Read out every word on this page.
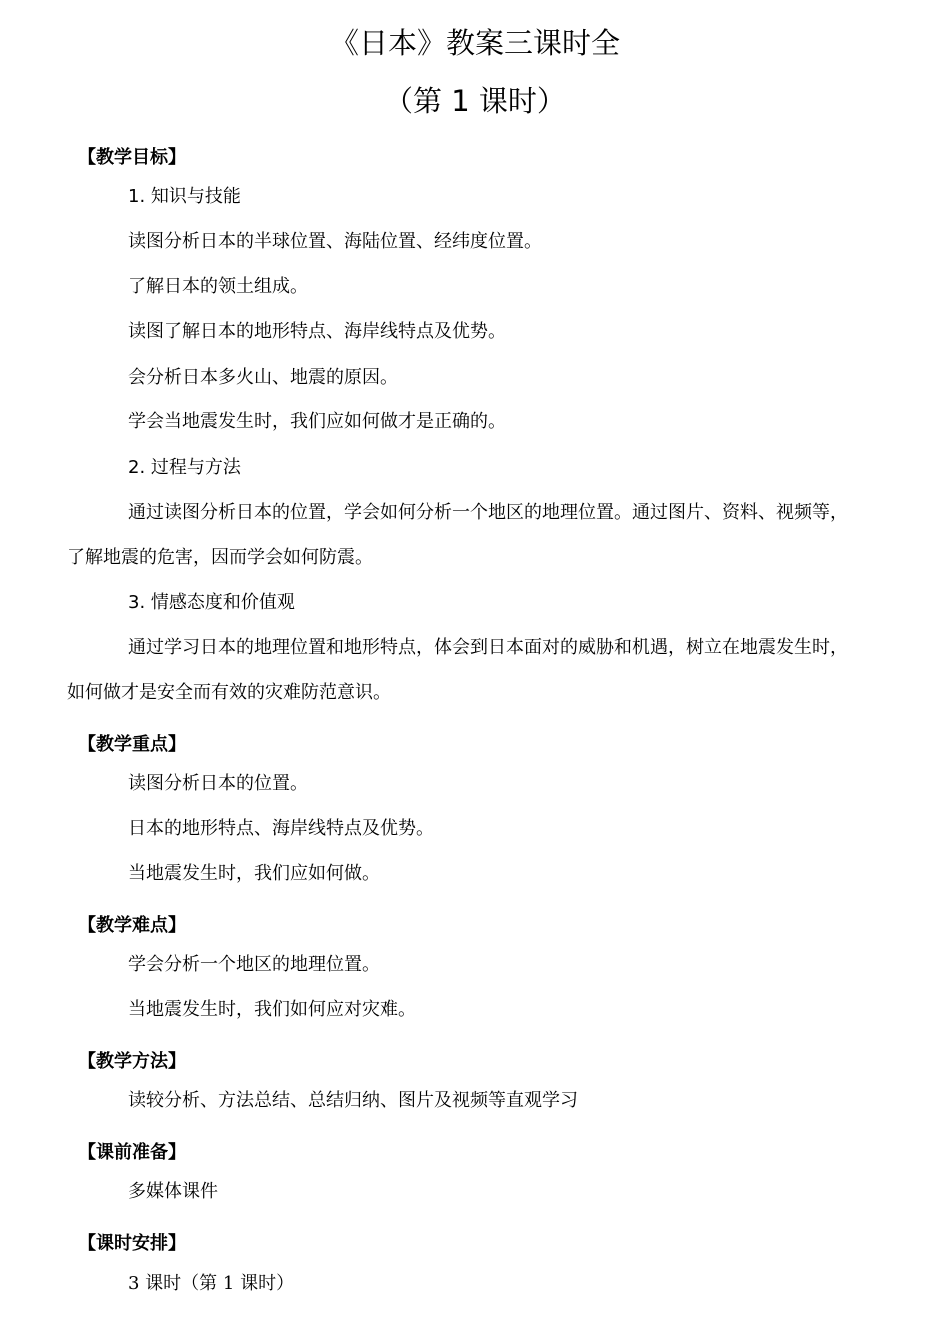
《日本》教案三课时全
（第 1 课时）
【教学目标】
1. 知识与技能
读图分析日本的半球位置、海陆位置、经纬度位置。
了解日本的领土组成。
读图了解日本的地形特点、海岸线特点及优势。
会分析日本多火山、地震的原因。
学会当地震发生时，我们应如何做才是正确的。
2. 过程与方法
通过读图分析日本的位置，学会如何分析一个地区的地理位置。通过图片、资料、视频等，
了解地震的危害，因而学会如何防震。
3. 情感态度和价值观
通过学习日本的地理位置和地形特点，体会到日本面对的威胁和机遇，树立在地震发生时，
如何做才是安全而有效的灾难防范意识。
【教学重点】
读图分析日本的位置。
日本的地形特点、海岸线特点及优势。
当地震发生时，我们应如何做。
【教学难点】
学会分析一个地区的地理位置。
当地震发生时，我们如何应对灾难。
【教学方法】
读较分析、方法总结、总结归纳、图片及视频等直观学习
【课前准备】
多媒体课件
【课时安排】
3 课时（第 1 课时）
